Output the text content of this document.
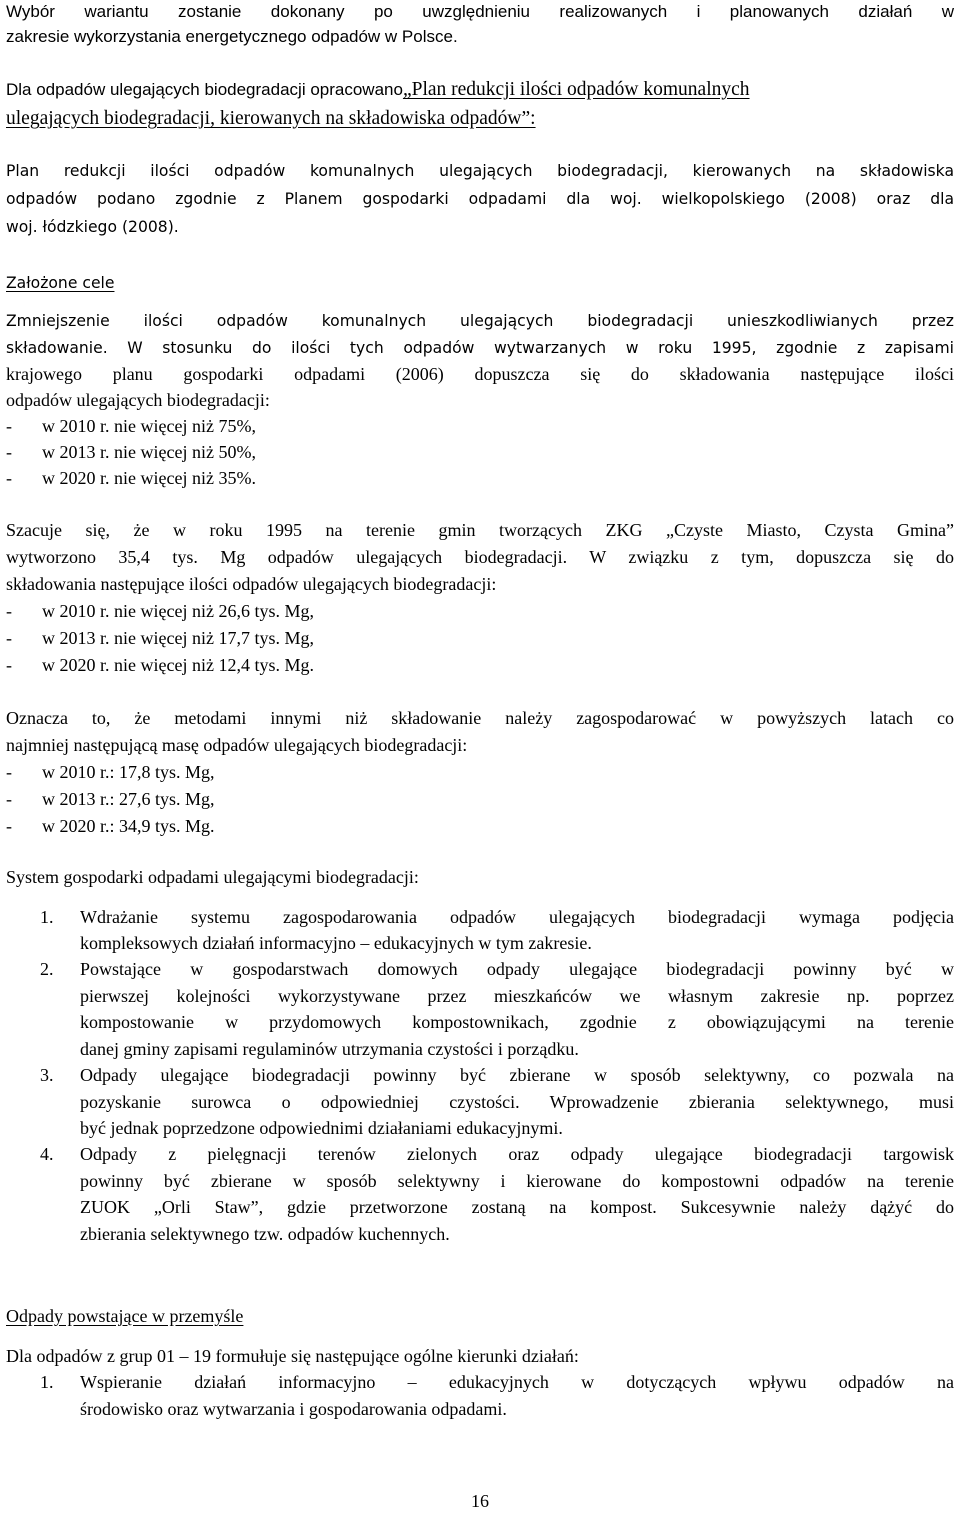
Wybór wariantu zostanie dokonany po uwzględnieniu realizowanych i planowanych działań w
zakresie wykorzystania energetycznego odpadów w Polsce.
Dla odpadów ulegających biodegradacji opracowano„Plan redukcji ilości odpadów komunalnych
ulegających biodegradacji, kierowanych na składowiska odpadów”:
Plan redukcji ilości odpadów komunalnych ulegających biodegradacji, kierowanych na składowiska
odpadów podano zgodnie z Planem gospodarki odpadami dla woj. wielkopolskiego (2008) oraz dla
woj. łódzkiego (2008).
Założone cele
Zmniejszenie ilości odpadów komunalnych ulegających biodegradacji unieszkodliwianych przez
składowanie. W stosunku do ilości tych odpadów wytwarzanych w roku 1995, zgodnie z zapisami
krajowego planu gospodarki odpadami (2006) dopuszcza się do składowania następujące ilości
odpadów ulegających biodegradacji:
-	w 2010 r. nie więcej niż 75%,
-	w 2013 r. nie więcej niż 50%,
-	w 2020 r. nie więcej niż 35%.
Szacuje się, że w roku 1995 na terenie gmin tworzących ZKG „Czyste Miasto, Czysta Gmina”
wytworzono 35,4 tys. Mg odpadów ulegających biodegradacji. W związku z tym, dopuszcza się do
składowania następujące ilości odpadów ulegających biodegradacji:
-	w 2010 r. nie więcej niż 26,6 tys. Mg,
-	w 2013 r. nie więcej niż 17,7 tys. Mg,
-	w 2020 r. nie więcej niż 12,4 tys. Mg.
Oznacza to, że metodami innymi niż składowanie należy zagospodarować w powyższych latach co
najmniej następującą masę odpadów ulegających biodegradacji:
-	w 2010 r.: 17,8 tys. Mg,
-	w 2013 r.: 27,6 tys. Mg,
-	w 2020 r.: 34,9 tys. Mg.
System gospodarki odpadami ulegającymi biodegradacji:
1. Wdrażanie systemu zagospodarowania odpadów ulegających biodegradacji wymaga podjęcia
kompleksowych działań informacyjno – edukacyjnych w tym zakresie.
2. Powstające w gospodarstwach domowych odpady ulegające biodegradacji powinny być w
pierwszej kolejności wykorzystywane przez mieszkańców we własnym zakresie np. poprzez
kompostowanie w przydomowych kompostownikach, zgodnie z obowiązującymi na terenie
danej gminy zapisami regulaminów utrzymania czystości i porządku.
3. Odpady ulegające biodegradacji powinny być zbierane w sposób selektywny, co pozwala na
pozyskanie surowca o odpowiedniej czystości. Wprowadzenie zbierania selektywnego, musi
być jednak poprzedzone odpowiednimi działaniami edukacyjnymi.
4. Odpady z pielęgnacji terenów zielonych oraz odpady ulegające biodegradacji targowisk
powinny być zbierane w sposób selektywny i kierowane do kompostowni odpadów na terenie
ZUOK „Orli Staw”, gdzie przetworzone zostaną na kompost. Sukcesywnie należy dążyć do
zbierania selektywnego tzw. odpadów kuchennych.
Odpady powstające w przemyśle
Dla odpadów z grup 01 – 19 formułuje się następujące ogólne kierunki działań:
1. Wspieranie działań informacyjno – edukacyjnych w dotyczących wpływu odpadów na
środowisko oraz wytwarzania i gospodarowania odpadami.
16
